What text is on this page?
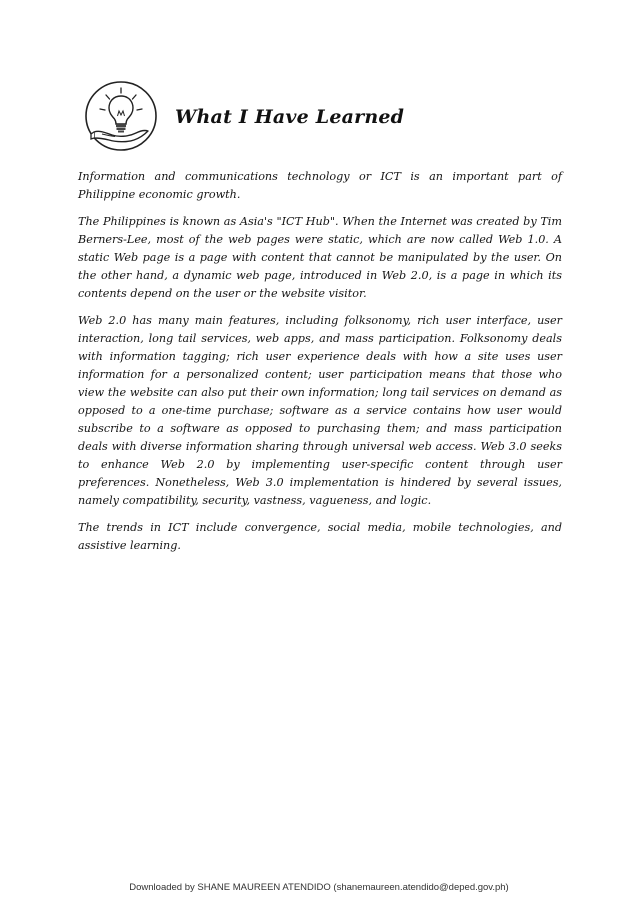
What I Have Learned

Information and communications technology or ICT is an important part of Philippine economic growth.

The Philippines is known as Asia's "ICT Hub". When the Internet was created by Tim Berners-Lee, most of the web pages were static, which are now called Web 1.0. A static Web page is a page with content that cannot be manipulated by the user. On the other hand, a dynamic web page, introduced in Web 2.0, is a page in which its contents depend on the user or the website visitor.

Web 2.0 has many main features, including folksonomy, rich user interface, user interaction, long tail services, web apps, and mass participation. Folksonomy deals with information tagging; rich user experience deals with how a site uses user information for a personalized content; user participation means that those who view the website can also put their own information; long tail services on demand as opposed to a one-time purchase; software as a service contains how user would subscribe to a software as opposed to purchasing them; and mass participation deals with diverse information sharing through universal web access. Web 3.0 seeks to enhance Web 2.0 by implementing user-specific content through user preferences. Nonetheless, Web 3.0 implementation is hindered by several issues, namely compatibility, security, vastness, vagueness, and logic.

The trends in ICT include convergence, social media, mobile technologies, and assistive learning.

Downloaded by SHANE MAUREEN ATENDIDO (shanemaureen.atendido@deped.gov.ph)
